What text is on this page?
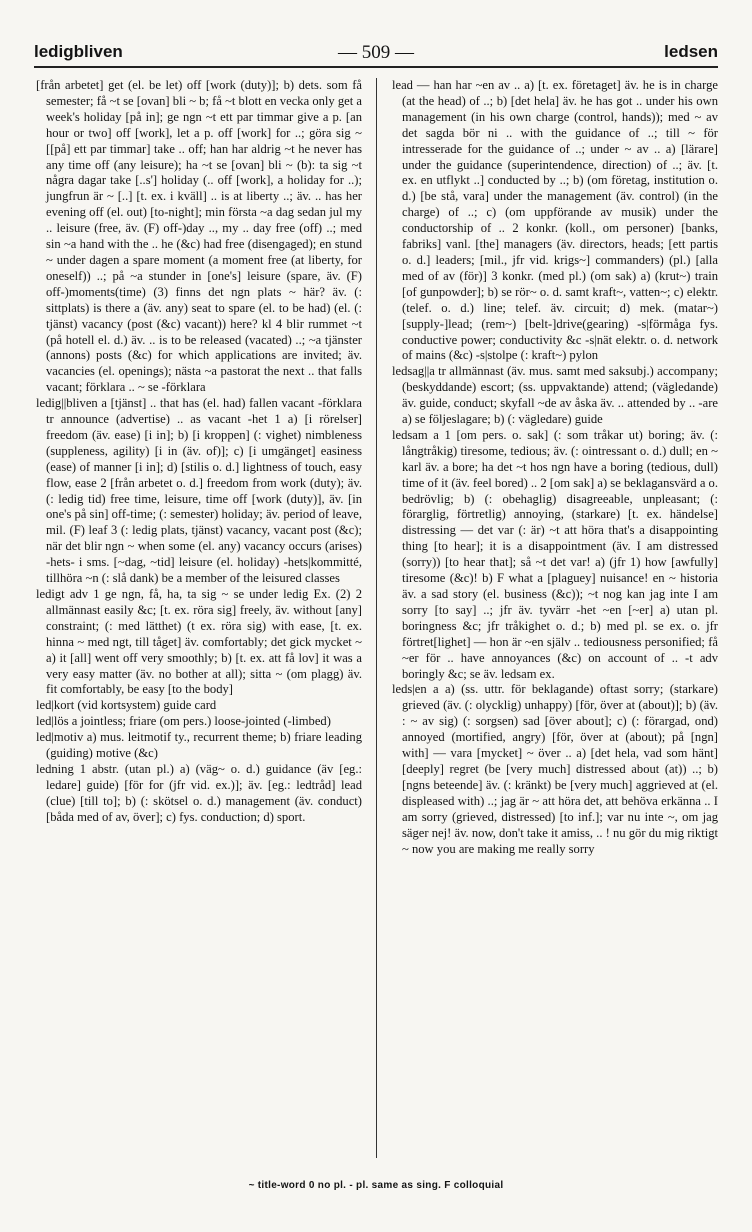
ledigbliven	— 509 —	ledsen

[från arbetet] get (el. be let) off [work (duty)]; b) dets. som få semester; få ~t se [ovan] bli ~ b; få ~t blott en vecka only get a week's holiday [på in]; ge ngn ~t ett par timmar give a p. [an hour or two] off [work], let a p. off [work] for ..; göra sig ~ [[på] ett par timmar] take .. off; han har aldrig ~t he never has any time off (any leisure); ha ~t se [ovan] bli ~ (b): ta sig ~t några dagar take [..s'] holiday (.. off [work], a holiday for ..); jungfrun är ~ [..] [t. ex. i kväll] .. is at liberty ..; äv. .. has her evening off (el. out) [to-night]; min första ~a dag sedan jul my .. leisure (free, äv. (F) off-)day .., my .. day free (off) ..; med sin ~a hand with the .. he (&c) had free (disengaged); en stund ~ under dagen a spare moment (a moment free (at liberty, for oneself)) ..; på ~a stunder in [one's] leisure (spare, äv. (F) off-)moments(time) (3) finns det ngn plats ~ här? äv. (: sittplats) is there a (äv. any) seat to spare (el. to be had) (el. (: tjänst) vacancy (post (&c) vacant)) here? kl 4 blir rummet ~t (på hotell el. d.) äv. .. is to be released (vacated) ..; ~a tjänster (annons) posts (&c) for which applications are invited; äv. vacancies (el. openings); nästa ~a pastorat the next .. that falls vacant; förklara .. ~ se -förklara

ledig||bliven a [tjänst] .. that has (el. had) fallen vacant -förklara tr announce (advertise) .. as vacant -het 1 a) [i rörelser] freedom (äv. ease) [i in]; b) [i kroppen] (: vighet) nimbleness (suppleness, agility) [i in (äv. of)]; c) [i umgänget] easiness (ease) of manner [i in]; d) [stilis o. d.] lightness of touch, easy flow, ease 2 [från arbetet o. d.] freedom from work (duty); äv. (: ledig tid) free time, leisure, time off [work (duty)], äv. [in one's på sin] off-time; (: semester) holiday; äv. period of leave, mil. (F) leaf 3 (: ledig plats, tjänst) vacancy, vacant post (&c); när det blir ngn ~ when some (el. any) vacancy occurs (arises) -hets- i sms. [~dag, ~tid] leisure (el. holiday) -hets|kommitté, tillhöra ~n (: slå dank) be a member of the leisured classes

ledigt adv 1 ge ngn, få, ha, ta sig ~ se under ledig Ex. (2) 2 allmännast easily &c; [t. ex. röra sig] freely, äv. without [any] constraint; (: med lätthet) (t ex. röra sig) with ease, [t. ex. hinna ~ med ngt, till tåget] äv. comfortably; det gick mycket ~ a) it [all] went off very smoothly; b) [t. ex. att få lov] it was a very easy matter (äv. no bother at all); sitta ~ (om plagg) äv. fit comfortably, be easy [to the body]

led|kort (vid kortsystem) guide card

led|lös a jointless; friare (om pers.) loose-jointed (-limbed)

led|motiv a) mus. leitmotif ty., recurrent theme; b) friare leading (guiding) motive (&c)

ledning 1 abstr. (utan pl.) a) (väg~ o. d.) guidance (äv [eg.: ledare] guide) [för for (jfr vid. ex.)]; äv. [eg.: ledtråd] lead (clue) [till to]; b) (: skötsel o. d.) management (äv. conduct) [båda med of av, över]; c) fys. conduction; d) sport.

lead — han har ~en av .. a) [t. ex. företaget] äv. he is in charge (at the head) of ..; b) [det hela] äv. he has got .. under his own management (in his own charge (control, hands)); med ~ av det sagda bör ni .. with the guidance of ..; till ~ för intresserade for the guidance of ..; under ~ av .. a) [lärare] under the guidance (superintendence, direction) of ..; äv. [t. ex. en utflykt ..] conducted by ..; b) (om företag, institution o. d.) [be stå, vara] under the management (äv. control) (in the charge) of ..; c) (om uppförande av musik) under the conductorship of .. 2 konkr. (koll., om personer) [banks, fabriks] vanl. [the] managers (äv. directors, heads; [ett partis o. d.] leaders; [mil., jfr vid. krigs~] commanders) (pl.) [alla med of av (för)] 3 konkr. (med pl.) (om sak) a) (krut~) train [of gunpowder]; b) se rör~ o. d. samt kraft~, vatten~; c) elektr. (telef. o. d.) line; telef. äv. circuit; d) mek. (matar~) [supply-]lead; (rem~) [belt-]drive(gearing) -s|förmåga fys. conductive power; conductivity &c -s|nät elektr. o. d. network of mains (&c) -s|stolpe (: kraft~) pylon

ledsag||a tr allmännast (äv. mus. samt med saksubj.) accompany; (beskyddande) escort; (ss. uppvaktande) attend; (vägledande) äv. guide, conduct; skyfall ~de av åska äv. .. attended by .. -are a) se följeslagare; b) (: vägledare) guide

ledsam a 1 [om pers. o. sak] (: som tråkar ut) boring; äv. (: långtråkig) tiresome, tedious; äv. (: ointressant o. d.) dull; en ~ karl äv. a bore; ha det ~t hos ngn have a boring (tedious, dull) time of it (äv. feel bored) .. 2 [om sak] a) se beklagansvärd a o. bedrövlig; b) (: obehaglig) disagreeable, unpleasant; (: förarglig, förtretlig) annoying, (starkare) [t. ex. händelse] distressing — det var (: är) ~t att höra that's a disappointing thing [to hear]; it is a disappointment (äv. I am distressed (sorry)) [to hear that]; så ~t det var! a) (jfr 1) how [awfully] tiresome (&c)! b) F what a [plaguey] nuisance! en ~ historia äv. a sad story (el. business (&c)); ~t nog kan jag inte I am sorry [to say] ..; jfr äv. tyvärr -het ~en [~er] a) utan pl. boringness &c; jfr tråkighet o. d.; b) med pl. se ex. o. jfr förtret[lighet] — hon är ~en själv .. tediousness personified; få ~er för .. have annoyances (&c) on account of .. -t adv boringly &c; se äv. ledsam ex.

leds|en a a) (ss. uttr. för beklagande) oftast sorry; (starkare) grieved (äv. (: olycklig) unhappy) [för, över at (about)]; b) (äv. : ~ av sig) (: sorgsen) sad [över about]; c) (: förargad, ond) annoyed (mortified, angry) [för, över at (about); på [ngn] with] — vara [mycket] ~ över .. a) [det hela, vad som hänt] [deeply] regret (be [very much] distressed about (at)) ..; b) [ngns beteende] äv. (: kränkt) be [very much] aggrieved at (el. displeased with) ..; jag är ~ att höra det, att behöva erkänna .. I am sorry (grieved, distressed) [to inf.]; var nu inte ~, om jag säger nej! äv. now, don't take it amiss, .. ! nu gör du mig riktigt ~ now you are making me really sorry

~ title-word 0 no pl. - pl. same as sing. F colloquial
